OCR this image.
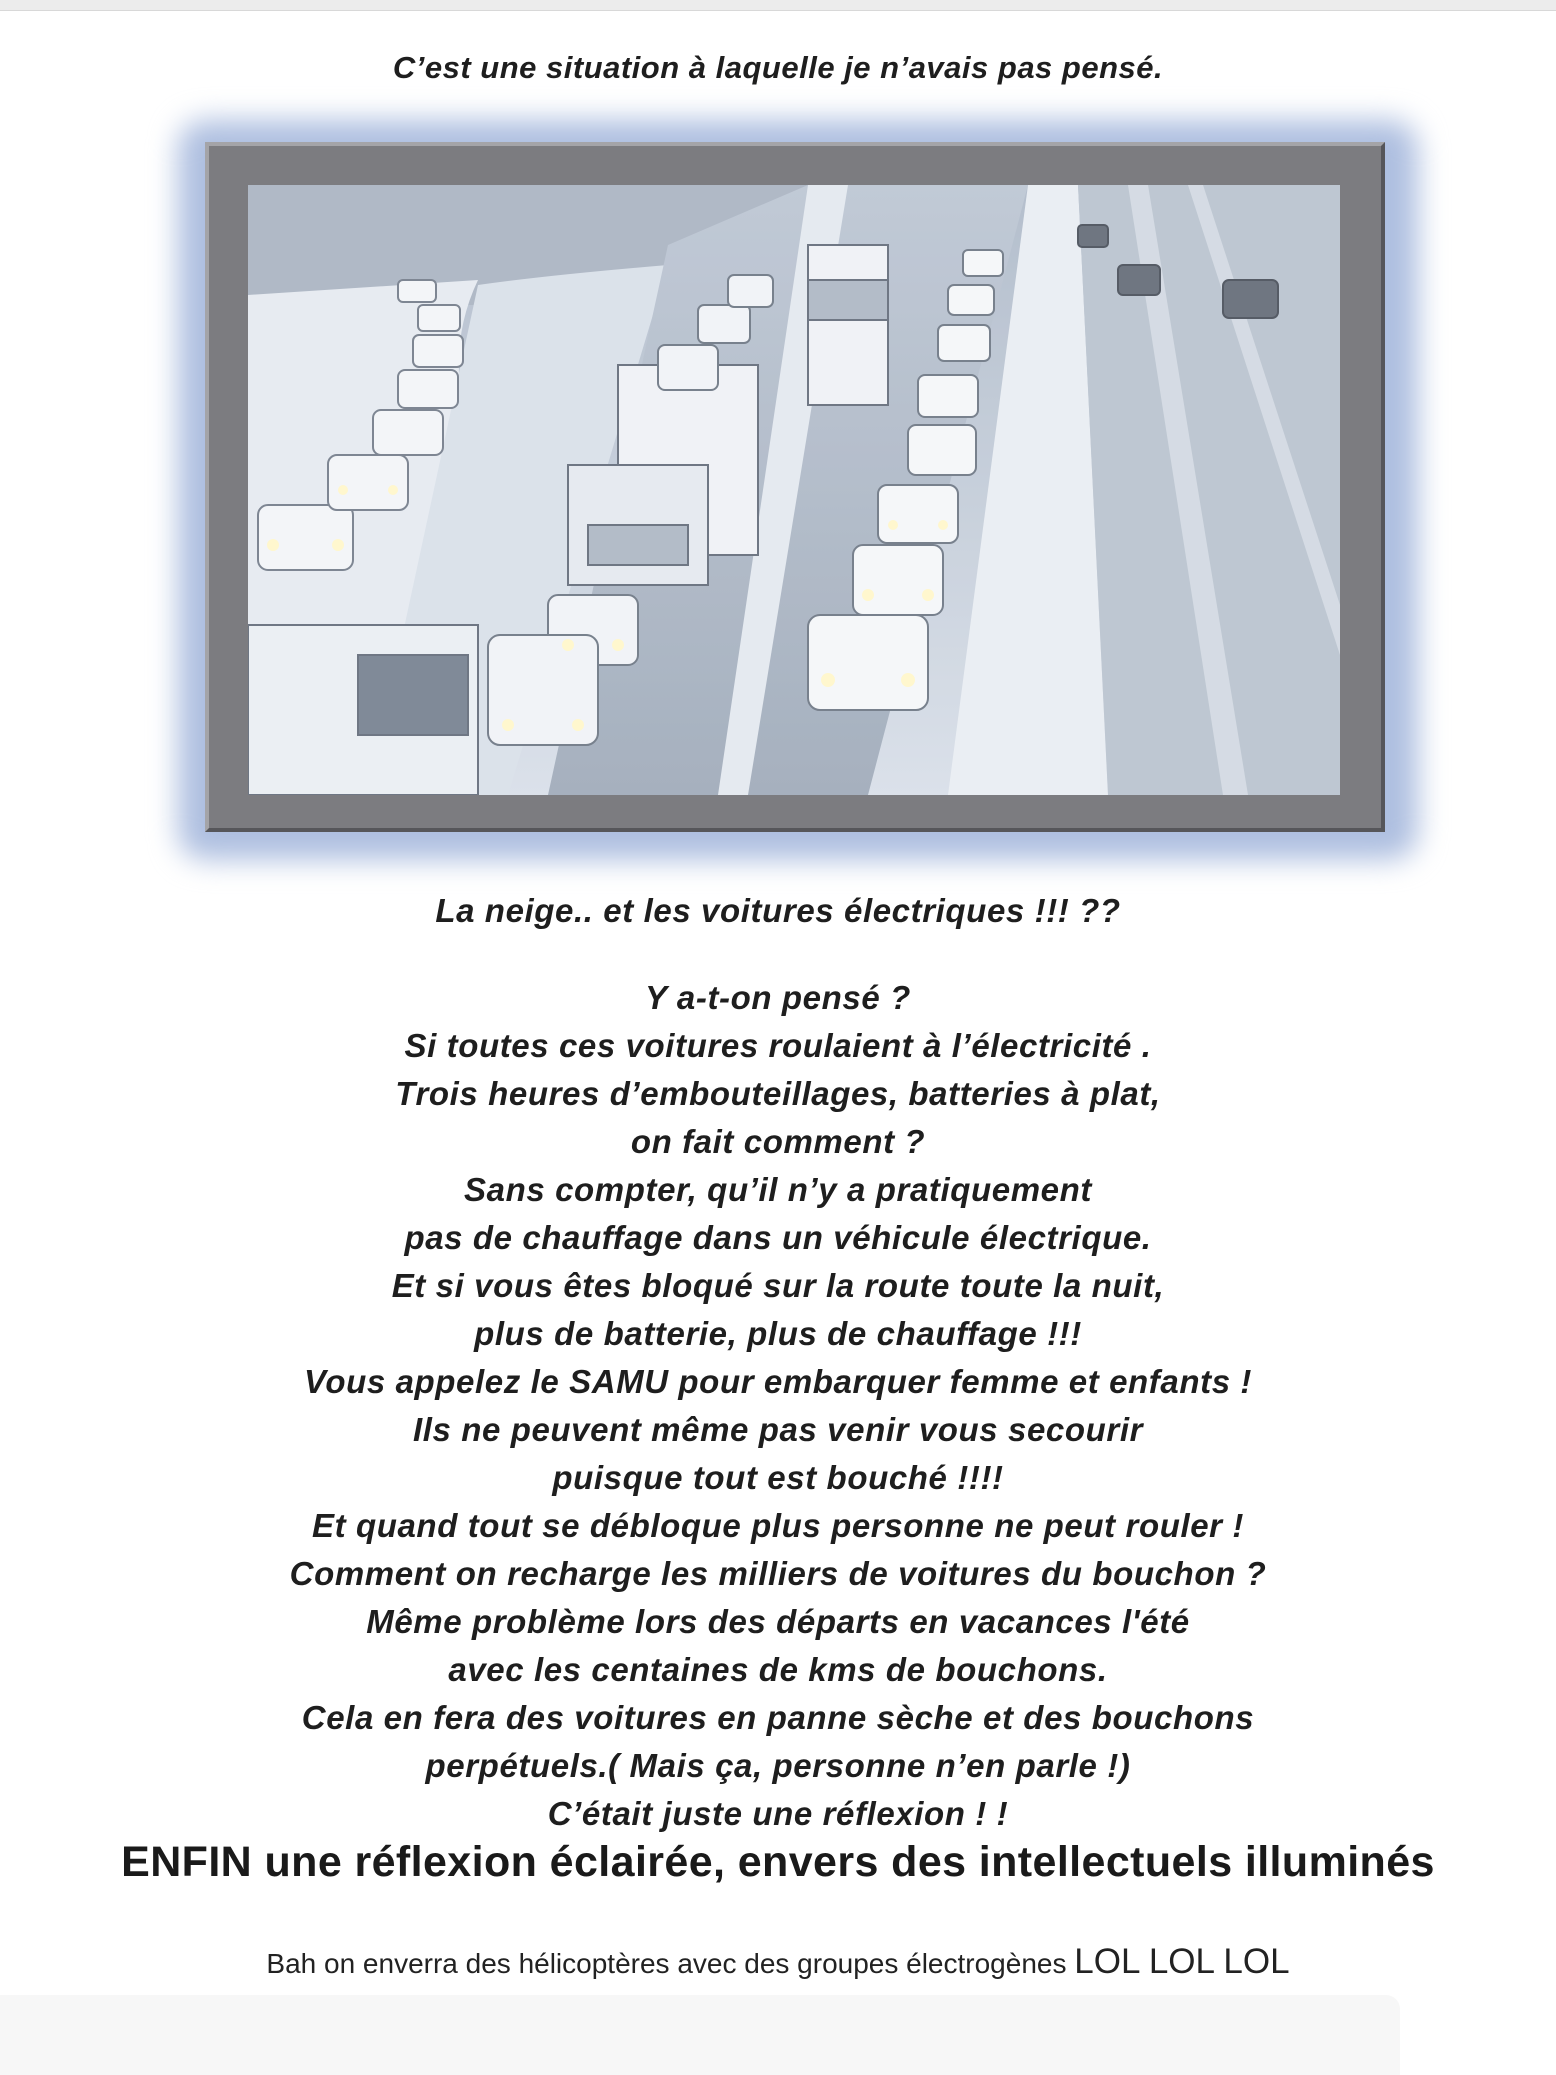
C’est une situation à laquelle je n’avais pas pensé.
La neige.. et les voitures électriques !!! ??
Y a-t-on pensé ?
Si toutes ces voitures roulaient à l’électricité .
Trois heures d’embouteillages, batteries à plat,
on fait comment ?
Sans compter, qu’il n’y a pratiquement
pas de chauffage dans un véhicule électrique.
Et si vous êtes bloqué sur la route toute la nuit,
plus de batterie, plus de chauffage !!!
Vous appelez le SAMU pour embarquer femme et enfants !
Ils ne peuvent même pas venir vous secourir
puisque tout est bouché !!!!
Et quand tout se débloque plus personne ne peut rouler !
Comment on recharge les milliers de voitures du bouchon ?
Même problème lors des départs en vacances l'été
avec les centaines de kms de bouchons.
Cela en fera des voitures en panne sèche et des bouchons
perpétuels.( Mais ça, personne n’en parle !)
C’était juste une réflexion ! !
ENFIN une réflexion éclairée, envers des intellectuels illuminés
Bah on enverra des hélicoptères avec des groupes électrogènes LOL LOL LOL
